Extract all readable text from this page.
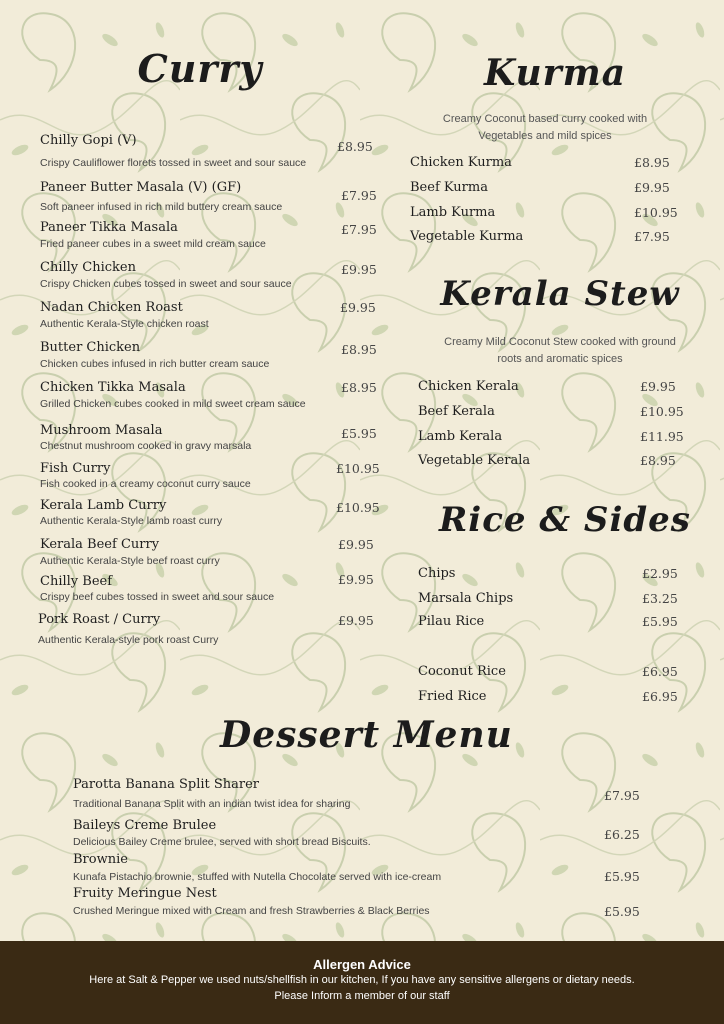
Curry
Chilly Gopi (V)
Crispy Cauliflower florets tossed in sweet and sour sauce
£8.95
Paneer Butter Masala (V) (GF)
Soft paneer infused in rich mild buttery cream sauce
£7.95
Paneer Tikka Masala
Fried paneer cubes in a sweet mild cream sauce
£7.95
Chilly Chicken
Crispy Chicken cubes tossed in sweet and sour sauce
£9.95
Nadan Chicken Roast
Authentic Kerala-Style chicken roast
£9.95
Butter Chicken
Chicken cubes infused in rich butter cream sauce
£8.95
Chicken Tikka Masala
Grilled Chicken cubes cooked in mild sweet cream sauce
£8.95
Mushroom Masala
Chestnut mushroom cooked in gravy marsala
£5.95
Fish Curry
Fish cooked in a creamy coconut curry sauce
£10.95
Kerala Lamb Curry
Authentic Kerala-Style lamb roast curry
£10.95
Kerala Beef Curry
Authentic Kerala-Style beef roast curry
£9.95
Chilly Beef
Crispy beef cubes tossed in sweet and sour sauce
£9.95
Pork Roast / Curry
Authentic Kerala-style pork roast Curry
£9.95
Kurma
Creamy Coconut based curry cooked with
Vegetables and mild spices
Chicken Kurma	£8.95
Beef Kurma	£9.95
Lamb Kurma	£10.95
Vegetable Kurma	£7.95
Kerala Stew
Creamy Mild Coconut Stew cooked with ground
roots and aromatic spices
Chicken Kerala	£9.95
Beef Kerala	£10.95
Lamb Kerala	£11.95
Vegetable Kerala	£8.95
Rice & Sides
Chips	£2.95
Marsala Chips	£3.25
Pilau Rice	£5.95
Coconut Rice	£6.95
Fried Rice	£6.95
Dessert Menu
Parotta Banana Split Sharer
Traditional Banana Split with an indian twist idea for sharing
£7.95
Baileys Creme Brulee
Delicious Bailey Creme brulee, served with short bread Biscuits.	£6.25
Brownie
Kunafa Pistachio brownie, stuffed with Nutella Chocolate served with ice-cream	£5.95
Fruity Meringue Nest
Crushed Meringue mixed with Cream and fresh Strawberries & Black Berries	£5.95
Allergen Advice
Here at Salt & Pepper we used nuts/shellfish in our kitchen, If you have any sensitive allergens or dietary needs.
Please Inform a member of our staff
